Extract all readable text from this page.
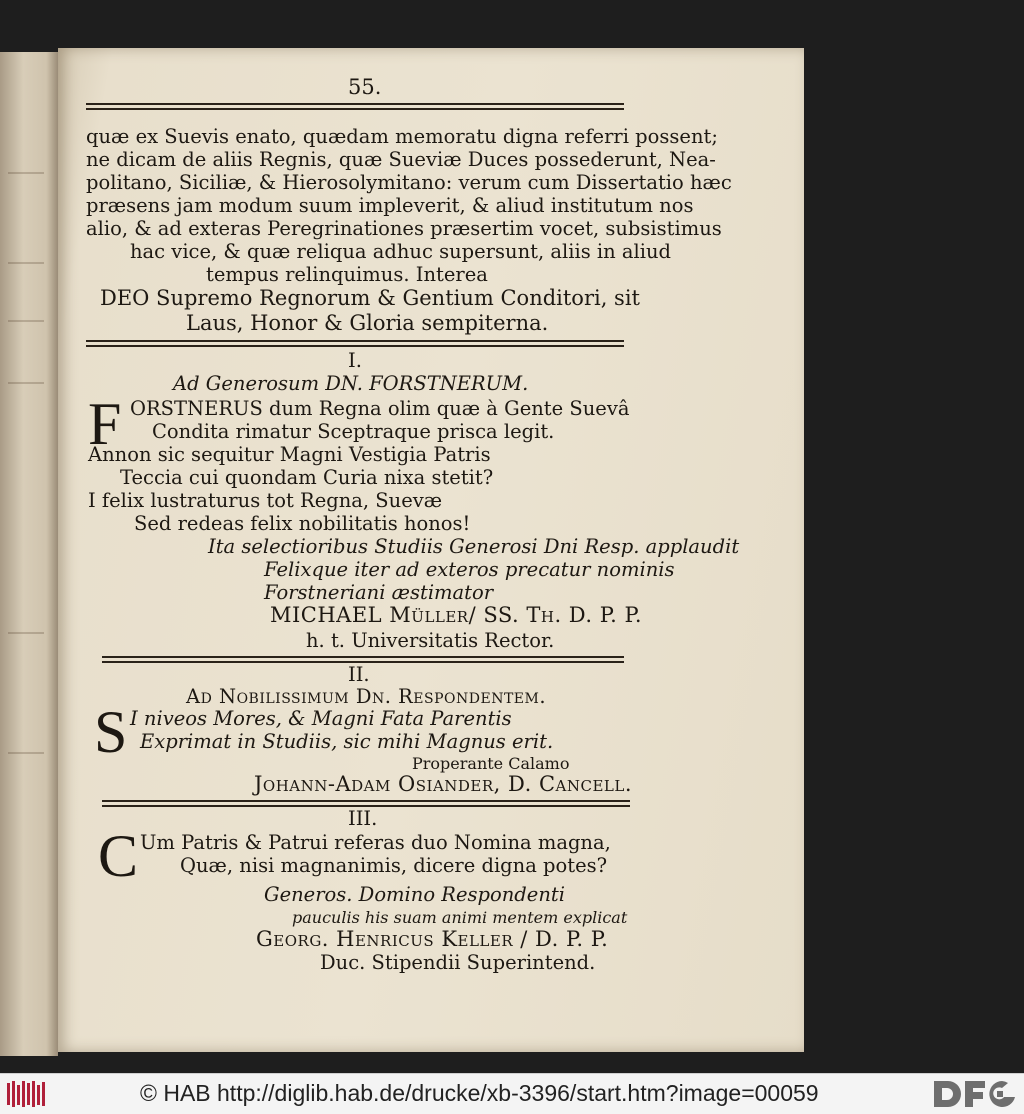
55.
quæ ex Suevis enato, quædam memoratu digna referri possent;
ne dicam de aliis Regnis, quæ Sueviæ Duces possederunt, Nea-
politano, Siciliæ, & Hierosolymitano: verum cum Dissertatio hæc
præsens jam modum suum impleverit, & aliud institutum nos
alio, & ad exteras Peregrinationes præsertim vocet, subsistimus
hac vice, & quæ reliqua adhuc supersunt, aliis in aliud
tempus relinquimus. Interea
DEO Supremo Regnorum & Gentium Conditori, sit
Laus, Honor & Gloria sempiterna.
I.
Ad Generosum DN. FORSTNERUM.
F ORSTNERUS dum Regna olim quæ à Gente Suevâ
Condita rimatur Sceptraque prisca legit.
Annon sic sequitur Magni Vestigia Patris
Teccia cui quondam Curia nixa stetit?
I felix lustraturus tot Regna, Suevæ
Sed redeas felix nobilitatis honos!
Ita selectioribus Studiis Generosi Dni Resp. applaudit
Felixque iter ad exteros precatur nominis
Forstneriani æstimator
MICHAEL Müller/ SS. Th. D. P. P.
h. t. Universitatis Rector.
II.
Ad Nobilissimum Dn. Respondentem.
S I niveos Mores, & Magni Fata Parentis
Exprimat in Studiis, sic mihi Magnus erit.
Properante Calamo
Johann-Adam Osiander, D. Cancell.
III.
C Um Patris & Patrui referas duo Nomina magna,
Quæ, nisi magnanimis, dicere digna potes?
Generos. Domino Respondenti
pauculis his suam animi mentem explicat
Georg. Henricus Keller / D. P. P.
Duc. Stipendii Superintend.
© HAB http://diglib.hab.de/drucke/xb-3396/start.htm?image=00059
